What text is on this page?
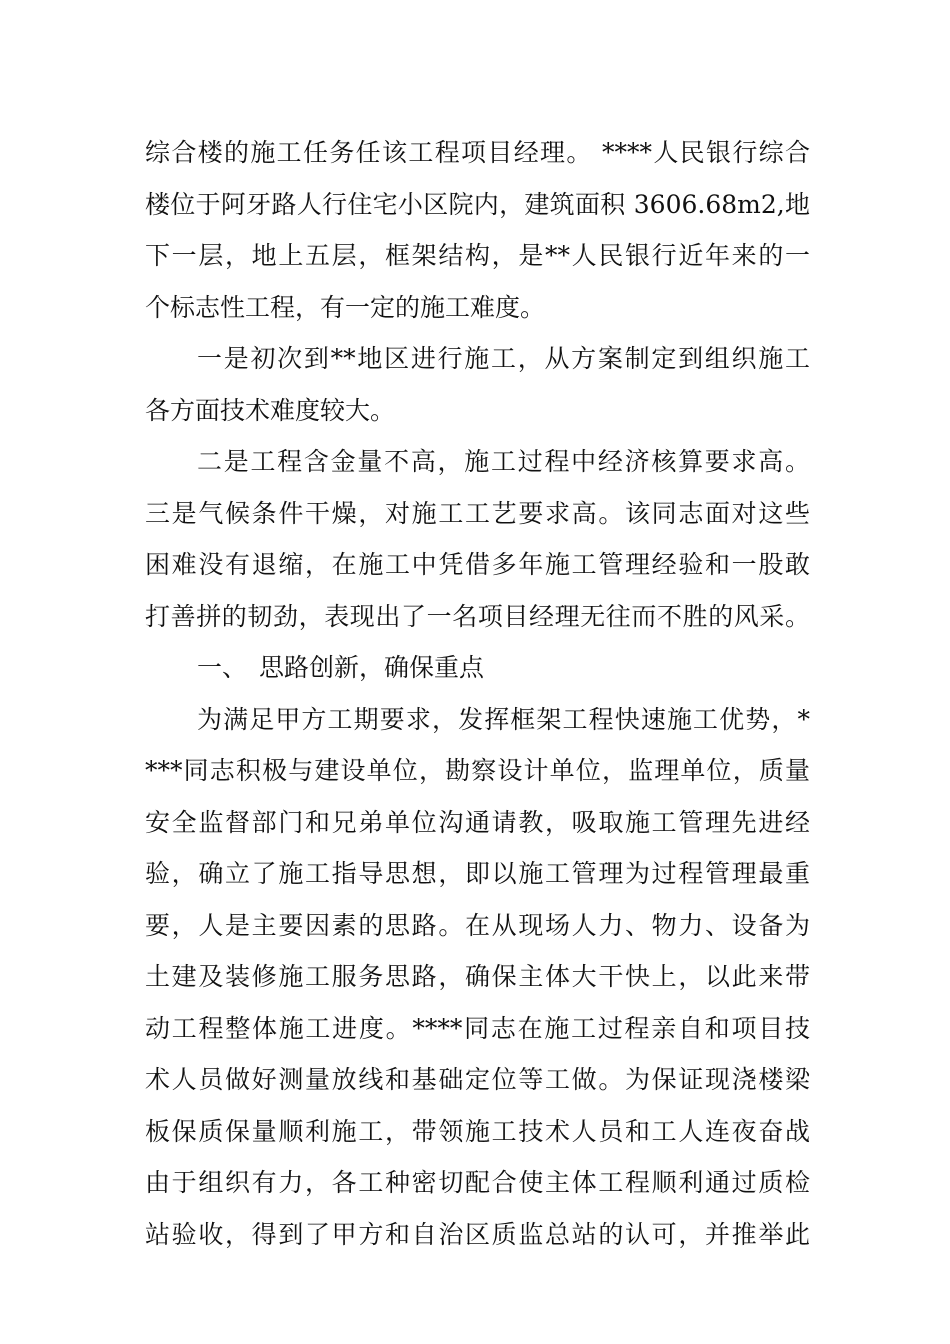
综合楼的施工任务任该工程项目经理。 ****人民银行综合
楼位于阿牙路人行住宅小区院内，建筑面积 3606.68m2,地
下一层，地上五层，框架结构，是**人民银行近年来的一
个标志性工程，有一定的施工难度。
一是初次到**地区进行施工，从方案制定到组织施工
各方面技术难度较大。
二是工程含金量不高，施工过程中经济核算要求高。
三是气候条件干燥，对施工工艺要求高。该同志面对这些
困难没有退缩，在施工中凭借多年施工管理经验和一股敢
打善拼的韧劲，表现出了一名项目经理无往而不胜的风采。
一、 思路创新，确保重点
为满足甲方工期要求，发挥框架工程快速施工优势，*
***同志积极与建设单位，勘察设计单位，监理单位，质量
安全监督部门和兄弟单位沟通请教，吸取施工管理先进经
验，确立了施工指导思想，即以施工管理为过程管理最重
要，人是主要因素的思路。在从现场人力、物力、设备为
土建及装修施工服务思路，确保主体大干快上，以此来带
动工程整体施工进度。****同志在施工过程亲自和项目技
术人员做好测量放线和基础定位等工做。为保证现浇楼梁
板保质保量顺利施工，带领施工技术人员和工人连夜奋战
由于组织有力，各工种密切配合使主体工程顺利通过质检
站验收，得到了甲方和自治区质监总站的认可，并推举此
